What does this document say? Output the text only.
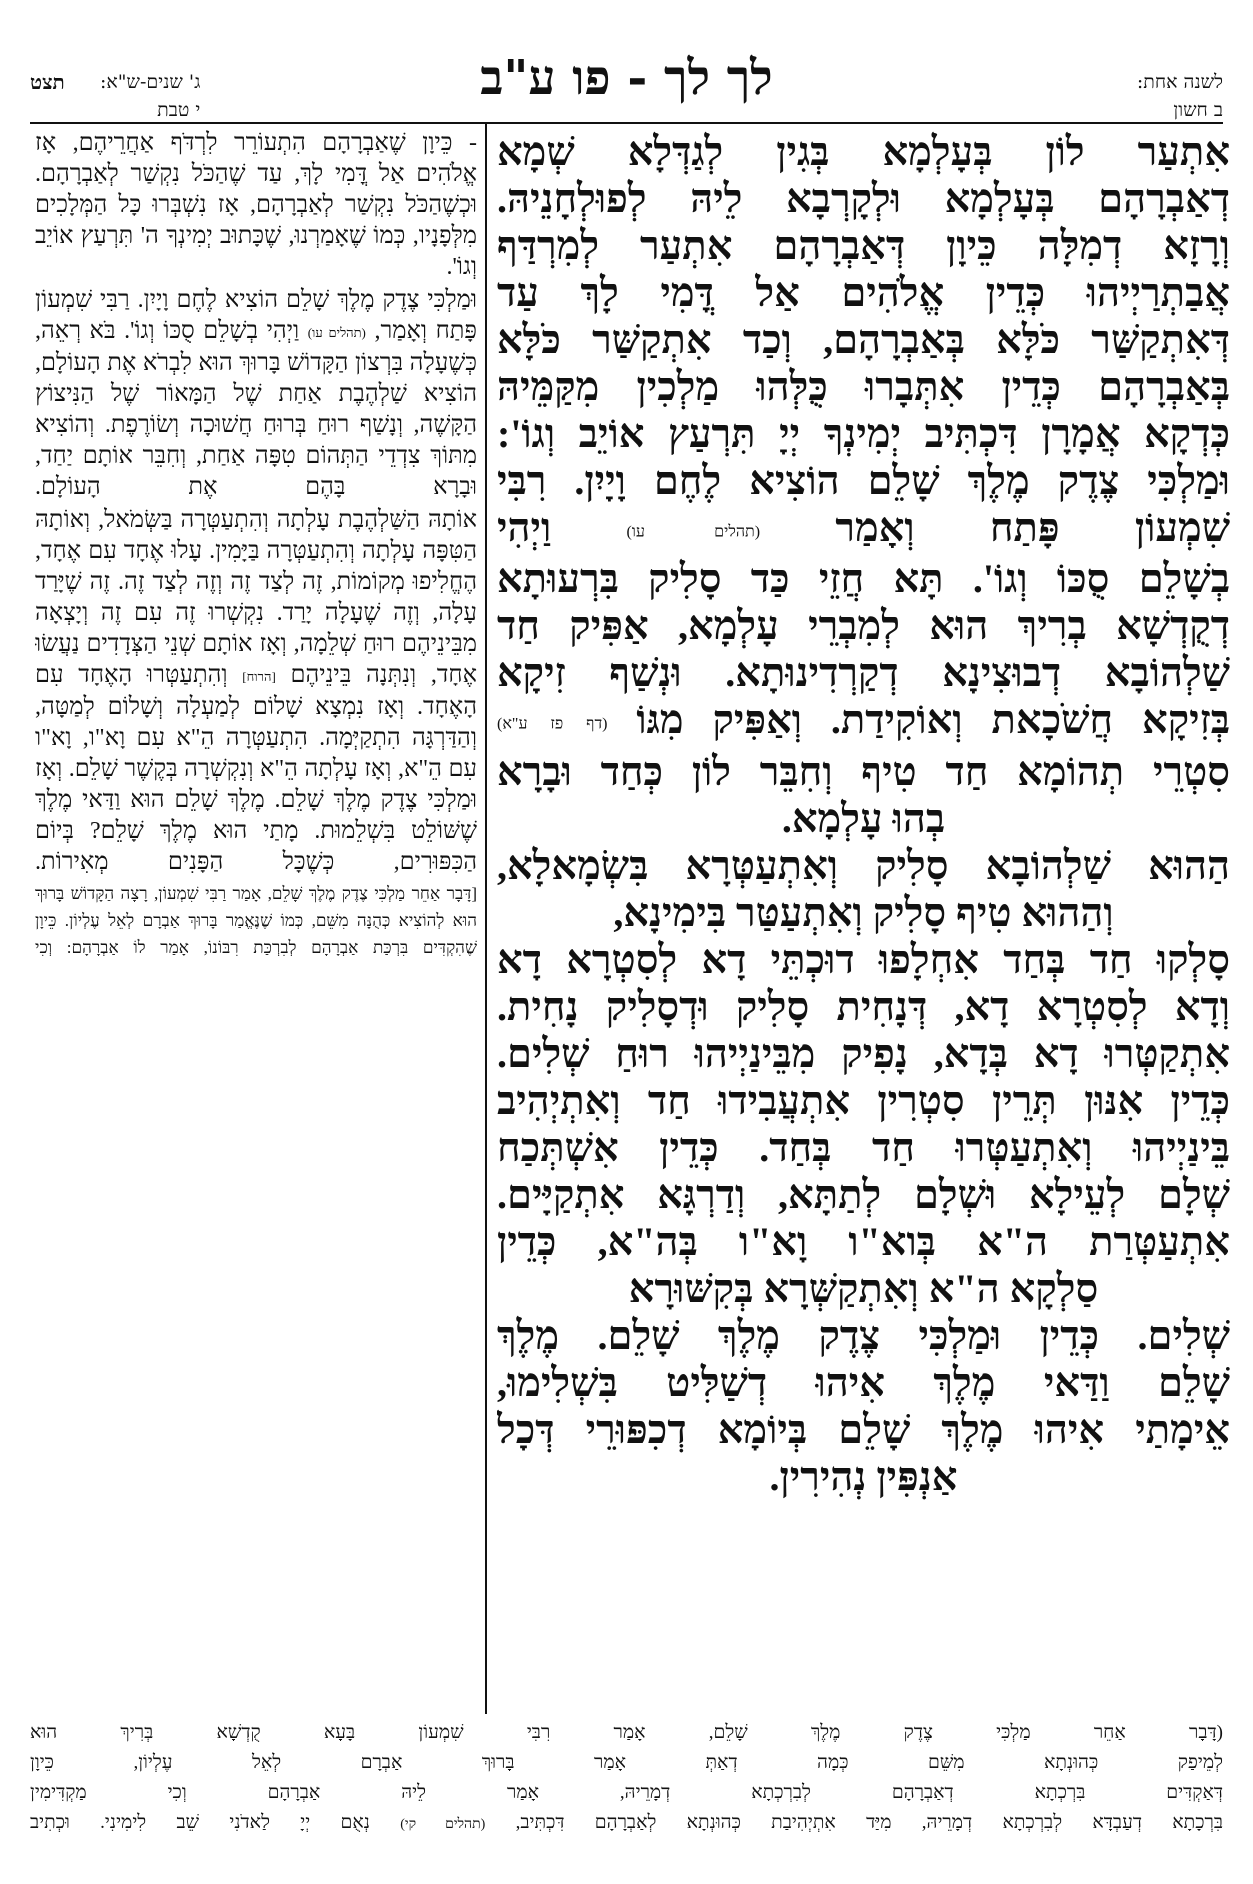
לשנה אחת:
ב חשון
לך לך - פו ע"ב
תצט ג' שנים-ש"א:
י טבת

אִתְעַר לוֹן בְּעָלְמָא בְּגִין לְגַדְּלָא שְׁמָא

דְאַבְרָהָם בְּעָלְמָא וּלְקָרְבָא לֵיהּ לְפוּלְחָנֵיהּ.

וְרָזָא דְמִלָּה כֵּיוָן דְּאַבְרָהָם אִתְעַר לְמִרְדַּף

אֲבַתְרַיְיהוּ כְּדֵין אֱלֹהִים אַל דֳּמִי לָךְ עַד

דְּאִתְקַשַּׁר כֹּלָּא בְּאַבְרָהָם, וְכַד אִתְקַשַּׁר כֹּלָּא

בְּאַבְרָהָם כְּדֵין אִתְּבָרוּ כֻּלְּהוּ מַלְכִין מִקַּמֵּיהּ

כְּדְקָא אֲמָרָן דִּכְתִּיב יְמִינְךָ יְיָ תִּרְעַץ אוֹיֵב וְגוֹ':

וּמַלְכִּי צֶדֶק מֶלֶךְ שָׁלֵם הוֹצִיא לֶחֶם וָיָיִן. רִבִּי

שִׁמְעוֹן פָּתַח וְאָמַר (תהלים עו) וַיְהִי

בְשָׁלֵם סֻכּוֹ וְגוֹ'. תָּא חֲזֵי כַּד סָלִיק בִּרְעוּתָא

דְקֻדְשָׁא בְרִיךְ הוּא לְמִבְרֵי עָלְמָא, אַפִּיק חַד

שַׁלְהוֹבָא דְבוּצִינָא דְקַרְדִינוּתָא. וּנְשַׁף זִיקָא

בְּזִיקָא חֲשֹׁכָאת וְאוֹקִידַת. וְאַפִּיק מִגּוֹ (דף פז ע"א)

סִטְרֵי תְהוֹמָא חַד טִיף וְחִבֵּר לוֹן כְּחַד וּבָרָא

בְהוּ עָלְמָא.

הַהוּא שַׁלְהוֹבָא סָלִיק וְאִתְעַטְּרָא בִּשְׂמָאלָא,

וְהַהוּא טִיף סָלִיק וְאִתְעַטַּר בִּימִינָא,

סָלְקוּ חַד בְּחַד אִחְלָפוּ דוּכְתֵּי דָא לְסִטְרָא דָא

וְדָא לְסִטְרָא דָא, דְּנָחִית סָלִיק וּדְסָלִיק נָחִית.

אִתְקַטְּרוּ דָא בְּדָא, נָפִיק מִבֵּינַיְיהוּ רוּחַ שְׁלִים.

כְּדֵין אִנּוּן תְּרֵין סִטְרִין אִתְעֲבִידוּ חַד וְאִתְיְהִיב

בֵּינַיְיהוּ וְאִתְעַטְּרוּ חַד בְּחַד. כְּדֵין אִשְׁתְּכַח

שְׁלָם לְעֵילָא וּשְׁלָם לְתַתָּא, וְדַרְגָּא אִתְקַיָּים.

אִתְעַטְּרַת ה"א בְּוא"ו וָא"ו בְּה"א, כְּדֵין

סַלְקָא ה"א וְאִתְקַשְּׁרָא בְּקִשּׁוּרָא

שְׁלִים. כְּדֵין וּמַלְכִּי צֶדֶק מֶלֶךְ שָׁלֵם. מֶלֶךְ

שָׁלֵם וַדַּאי מֶלֶךְ אִיהוּ דְשַׁלִּיט בִּשְׁלִימוּ,

אֵימָתַי אִיהוּ מֶלֶךְ שָׁלֵם בְּיוֹמָא דְכִפּוּרֵי דְּכָל

אַנְפִּין נְהִירִין.

- כֵּיוָן שֶׁאַבְרָהָם הִתְעוֹרֵר לִרְדֹּף אַחֲרֵיהֶם, אָז אֱלֹהִים אַל דֳּמִי לָךְ, עַד שֶׁהַכֹּל נִקְשַׁר לְאַבְרָהָם. וּכְשֶׁהַכֹּל נִקְשַׁר לְאַבְרָהָם, אָז נִשְׁבְּרוּ כָּל הַמְּלָכִים מִלְּפָנָיו, כְּמוֹ שֶׁאָמַרְנוּ, שֶׁכָּתוּב יְמִינְךָ ה' תִּרְעַץ אוֹיֵב וְגוֹ'.

וּמַלְכִּי צֶדֶק מֶלֶךְ שָׁלֵם הוֹצִיא לֶחֶם וָיָיִן. רַבִּי שִׁמְעוֹן פָּתַח וְאָמַר, (תהלים עו) וַיְהִי בְשָׁלֵם סֻכּוֹ וְגוֹ'. בֹּא רְאֵה, כְּשֶׁעָלָה בִּרְצוֹן הַקָּדוֹשׁ בָּרוּךְ הוּא לִבְרֹא אֶת הָעוֹלָם, הוֹצִיא שַׁלְהֶבֶת אַחַת שֶׁל הַמָּאוֹר שֶׁל הַנִּיצוֹץ הַקָּשֶׁה, וְנָשַׁף רוּחַ בְּרוּחַ חֲשׁוּכָה וְשׂוֹרֶפֶת. וְהוֹצִיא מִתּוֹךְ צִדְדֵי הַתְּהוֹם טִפָּה אַחַת, וְחִבֵּר אוֹתָם יַחַד, וּבָרָא בָּהֶם אֶת הָעוֹלָם.

אוֹתָהּ הַשַּׁלְהֶבֶת עָלְתָה וְהִתְעַטְּרָה בַּשְּׂמֹאל, וְאוֹתָהּ הַטִּפָּה עָלְתָה וְהִתְעַטְּרָה בַּיָּמִין. עָלוּ אֶחָד עִם אֶחָד, הֶחֱלִיפוּ מְקוֹמוֹת, זֶה לְצַד זֶה וְזֶה לְצַד זֶה. זֶה שֶׁיָּרַד עָלָה, וְזֶה שֶׁעָלָה יָרַד. נִקְשְׁרוּ זֶה עִם זֶה וְיָצְאָה מִבֵּינֵיהֶם רוּחַ שְׁלֵמָה, וְאָז אוֹתָם שְׁנֵי הַצְּדָדִים נַעֲשׂוּ אֶחָד, וְנִתְּנָה בֵּינֵיהֶם [הרוח] וְהִתְעַטְּרוּ הָאֶחָד עִם הָאֶחָד. וְאָז נִמְצָא שָׁלוֹם לְמַעְלָה וְשָׁלוֹם לְמַטָּה, וְהַדַּרְגָּה הִתְקַיְּמָה. הִתְעַטְּרָה הֵ"א עִם וָא"ו, וָא"ו עִם הֵ"א, וְאָז עָלְתָה הֵ"א וְנִקְשְׁרָה בְּקֶשֶׁר שָׁלֵם. וְאָז וּמַלְכִּי צֶדֶק מֶלֶךְ שָׁלֵם. מֶלֶךְ שָׁלֵם הוּא וַדַּאי מֶלֶךְ שֶׁשּׁוֹלֵט בִּשְׁלֵמוּת. מָתַי הוּא מֶלֶךְ שָׁלֵם? בְּיוֹם הַכִּפּוּרִים, כְּשֶׁכָּל הַפָּנִים מְאִירוֹת.

[דָּבָר אַחֵר מַלְכִּי צֶדֶק מֶלֶךְ שָׁלֵם, אָמַר רַבִּי שִׁמְעוֹן, רָצָה הַקָּדוֹשׁ בָּרוּךְ הוּא לְהוֹצִיא כְּהֻנָּה מִשֵּׁם, כְּמוֹ שֶׁנֶּאֱמַר בָּרוּךְ אַבְרָם לְאֵל עֶלְיוֹן. כֵּיוָן שֶׁהִקְדִּים בִּרְכַּת אַבְרָהָם לְבִרְכַּת רִבּוֹנוֹ, אָמַר לוֹ אַבְרָהָם: וְכִי

(דָּבָר אַחֵר מַלְכִּי צֶדֶק מֶלֶךְ שָׁלֵם, אָמַר רִבִּי שִׁמְעוֹן בָּעָא קֻדְשָׁא בְּרִיךְ הוּא

לְמֵיפַק כְּהוּנְתָא מִשֵּׁם כְּמָה דְאַתְּ אָמַר בָּרוּךְ אַבְרָם לְאֵל עֶלְיוֹן, כֵּיוָן

דְּאַקְדִּים בִּרְכְתָא דְאַבְרָהָם לְבִרְכְתָא דְמָרֵיהּ, אָמַר לֵיהּ אַבְרָהָם וְכִי מַקְדִּימִין

בִּרְכָתָא דְעַבְדָּא לְבִרְכְתָא דְמָרֵיהּ, מִיַּד אִתְיְהִיבַת כְּהוּנְתָא לְאַבְרָהָם דִּכְתִּיב, (תהלים קי) נְאֻם יְיָ לַאדֹנִי שֵׁב לִימִינִי. וּכְתִיב
